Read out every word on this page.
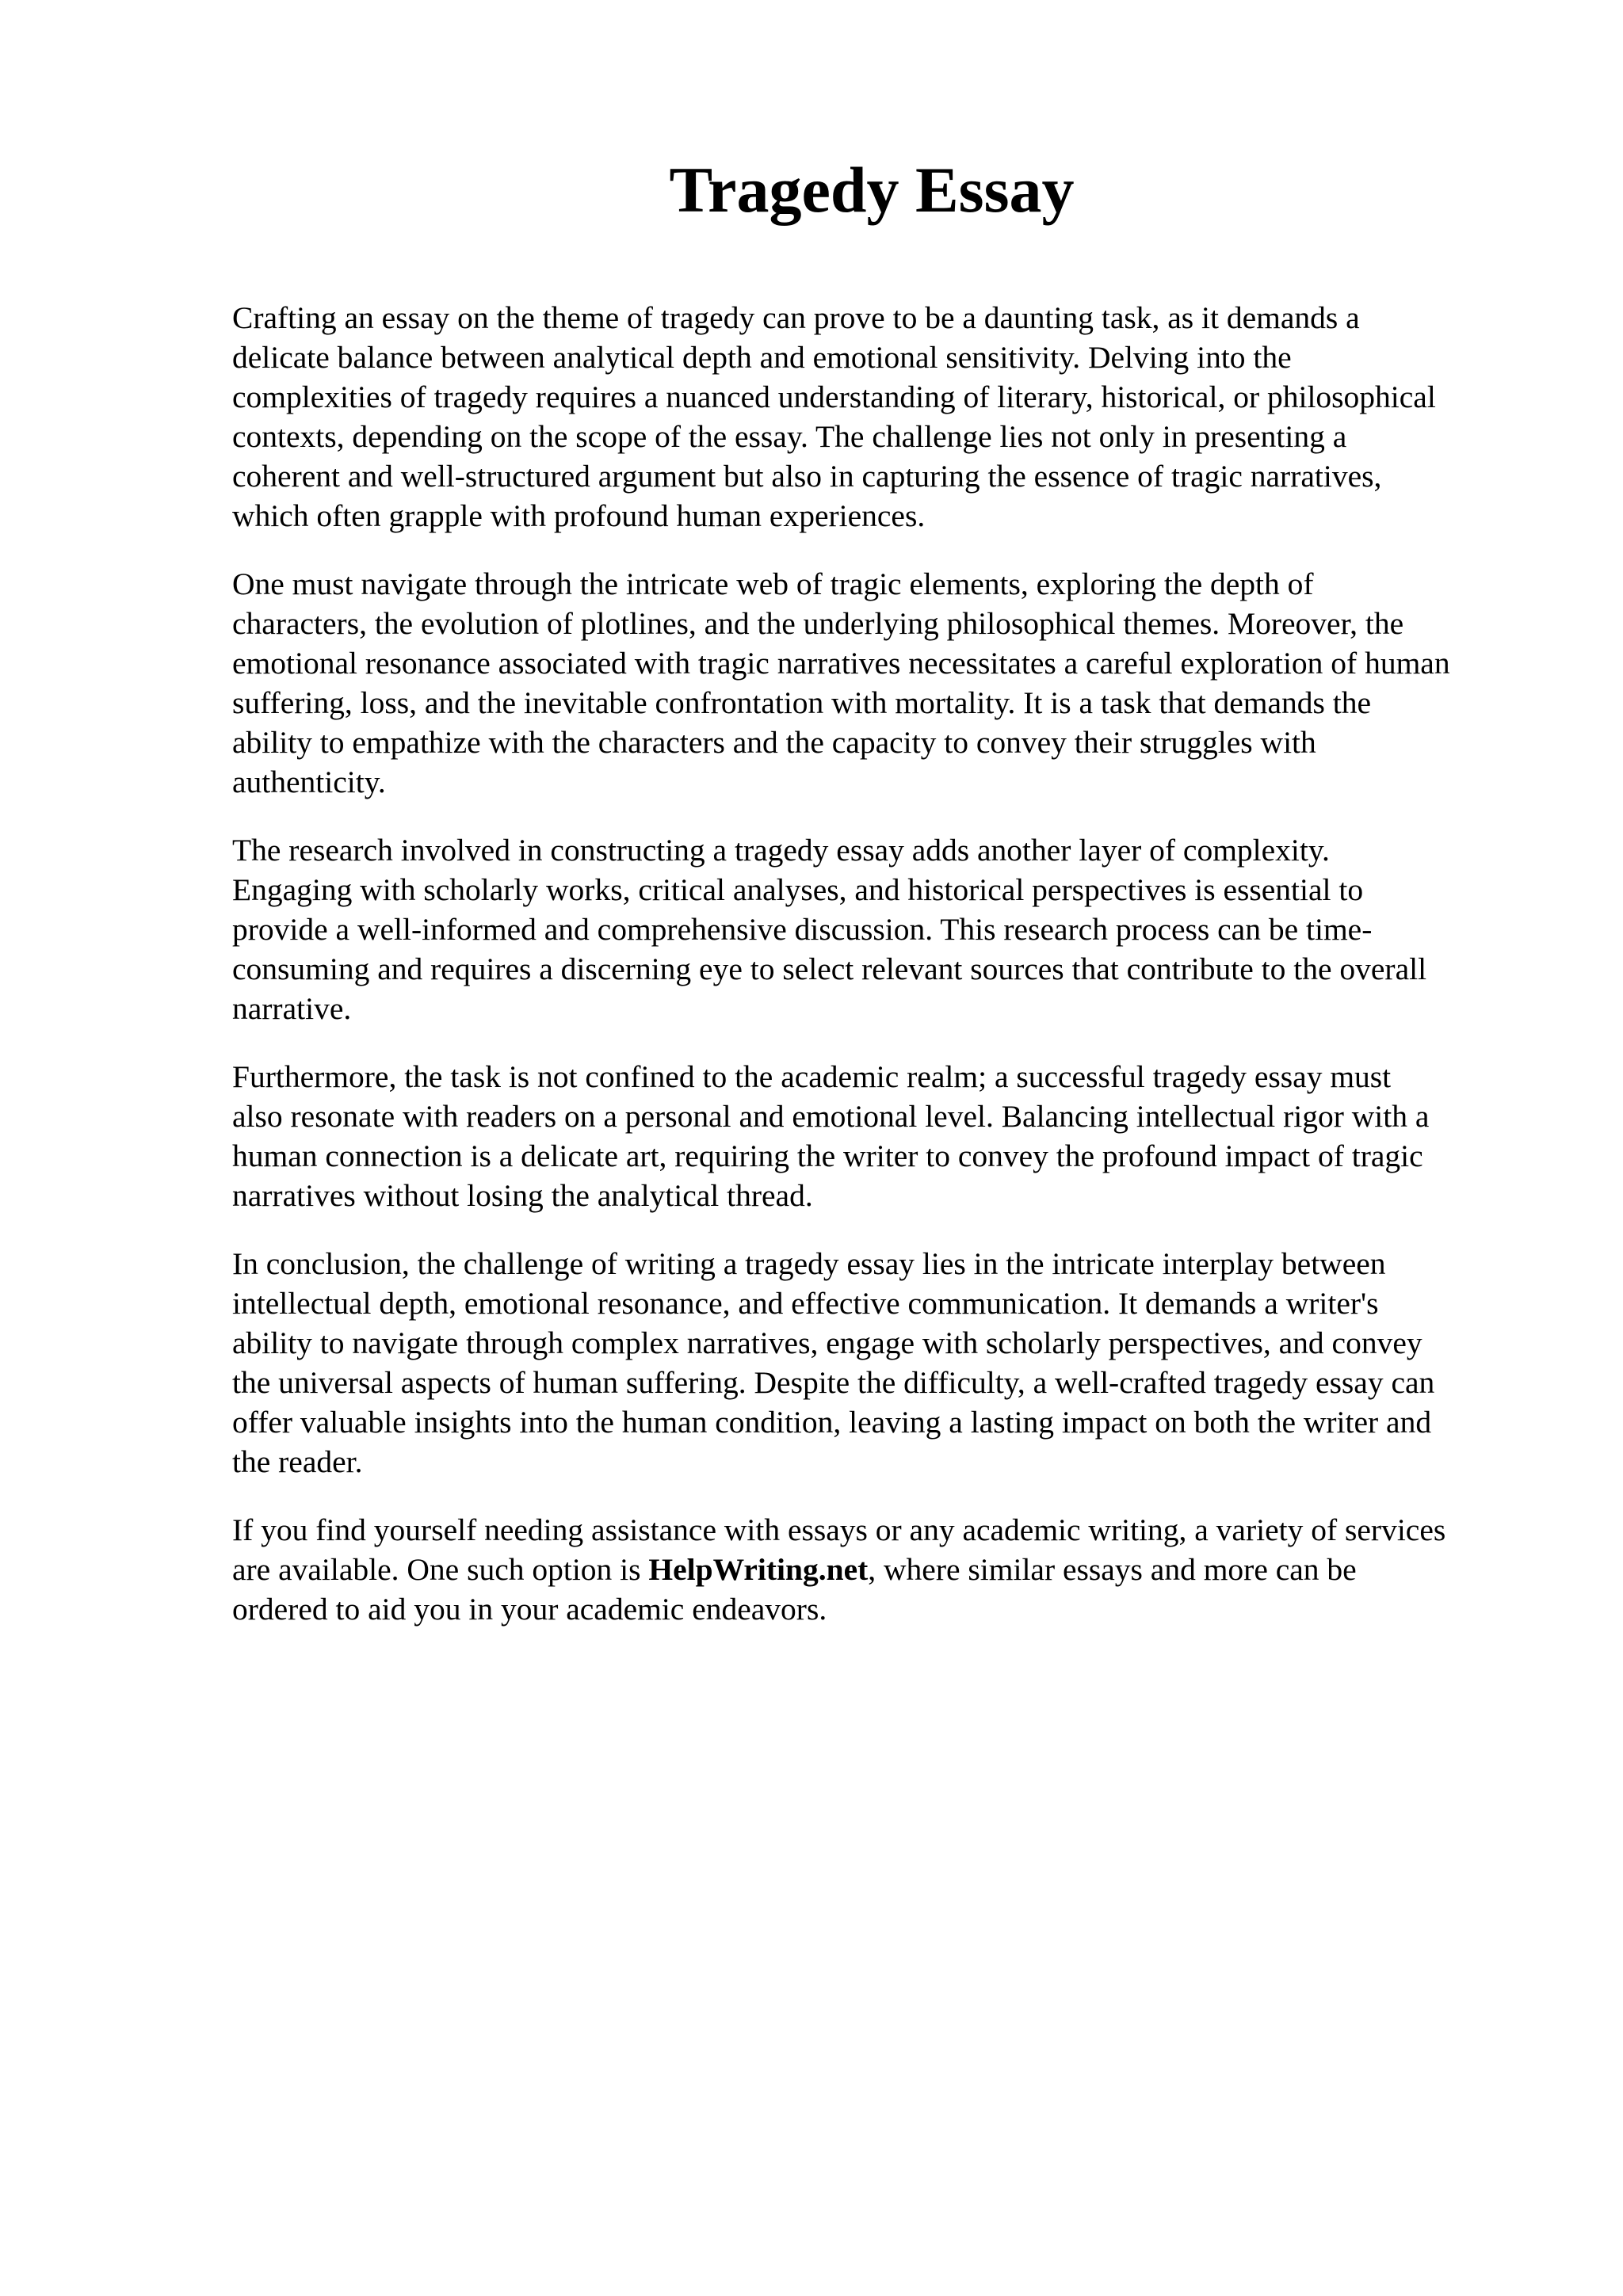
Tragedy Essay

Crafting an essay on the theme of tragedy can prove to be a daunting task, as it demands a
delicate balance between analytical depth and emotional sensitivity. Delving into the
complexities of tragedy requires a nuanced understanding of literary, historical, or philosophical
contexts, depending on the scope of the essay. The challenge lies not only in presenting a
coherent and well-structured argument but also in capturing the essence of tragic narratives,
which often grapple with profound human experiences.

One must navigate through the intricate web of tragic elements, exploring the depth of
characters, the evolution of plotlines, and the underlying philosophical themes. Moreover, the
emotional resonance associated with tragic narratives necessitates a careful exploration of human
suffering, loss, and the inevitable confrontation with mortality. It is a task that demands the
ability to empathize with the characters and the capacity to convey their struggles with
authenticity.

The research involved in constructing a tragedy essay adds another layer of complexity.
Engaging with scholarly works, critical analyses, and historical perspectives is essential to
provide a well-informed and comprehensive discussion. This research process can be time-
consuming and requires a discerning eye to select relevant sources that contribute to the overall
narrative.

Furthermore, the task is not confined to the academic realm; a successful tragedy essay must
also resonate with readers on a personal and emotional level. Balancing intellectual rigor with a
human connection is a delicate art, requiring the writer to convey the profound impact of tragic
narratives without losing the analytical thread.

In conclusion, the challenge of writing a tragedy essay lies in the intricate interplay between
intellectual depth, emotional resonance, and effective communication. It demands a writer's
ability to navigate through complex narratives, engage with scholarly perspectives, and convey
the universal aspects of human suffering. Despite the difficulty, a well-crafted tragedy essay can
offer valuable insights into the human condition, leaving a lasting impact on both the writer and
the reader.

If you find yourself needing assistance with essays or any academic writing, a variety of services
are available. One such option is HelpWriting.net, where similar essays and more can be
ordered to aid you in your academic endeavors.
